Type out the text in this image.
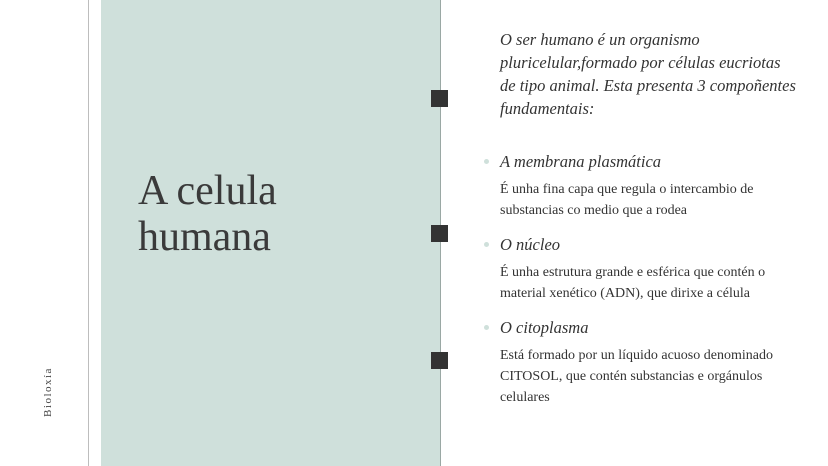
Bioloxía
A celula
humana
O ser humano é un organismo pluricelular,formado por células eucriotas de tipo animal. Esta presenta 3 compoñentes fundamentais:
A membrana plasmática
É unha fina capa que regula o intercambio de substancias co medio que a rodea
O núcleo
É unha estrutura grande e esférica que contén o material xenético (ADN), que dirixe a célula
O citoplasma
Está formado por un líquido acuoso denominado CITOSOL, que contén substancias e orgánulos celulares
